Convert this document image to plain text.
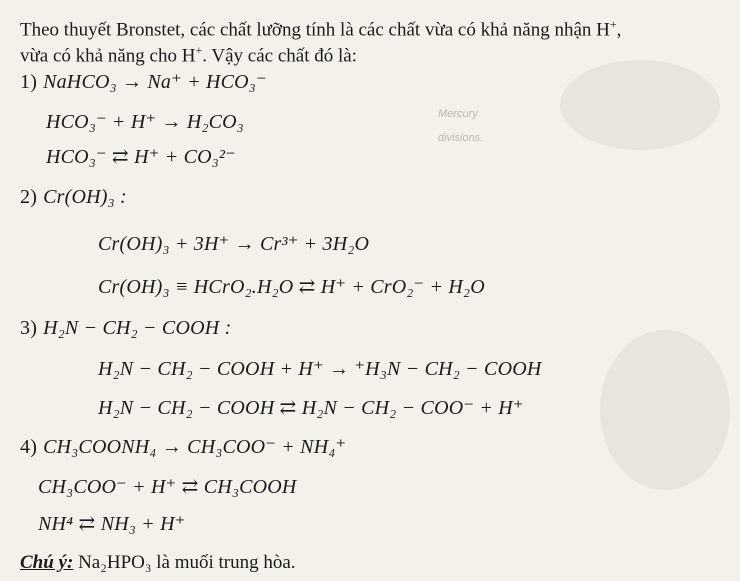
Mercury
divisions.
Theo thuyết Bronstet, các chất lưỡng tính là các chất vừa có khả năng nhận H+,
vừa có khả năng cho H+. Vậy các chất đó là:
1) NaHCO₃ → Na⁺ + HCO₃⁻
HCO₃⁻ + H⁺ → H₂CO₃
HCO₃⁻ ⇄ H⁺ + CO₃²⁻
2) Cr(OH)₃ :
Cr(OH)₃ + 3H⁺ → Cr³⁺ + 3H₂O
Cr(OH)₃ ≡ HCrO₂.H₂O ⇄ H⁺ + CrO₂⁻ + H₂O
3) H₂N − CH₂ − COOH :
H₂N − CH₂ − COOH + H⁺ → ⁺H₃N − CH₂ − COOH
H₂N − CH₂ − COOH ⇄ H₂N − CH₂ − COO⁻ + H⁺
4) CH₃COONH₄ → CH₃COO⁻ + NH₄⁺
CH₃COO⁻ + H⁺ ⇄ CH₃COOH
NH⁴ ⇄ NH₃ + H⁺
Chú ý: Na₂HPO₃ là muối trung hòa.
